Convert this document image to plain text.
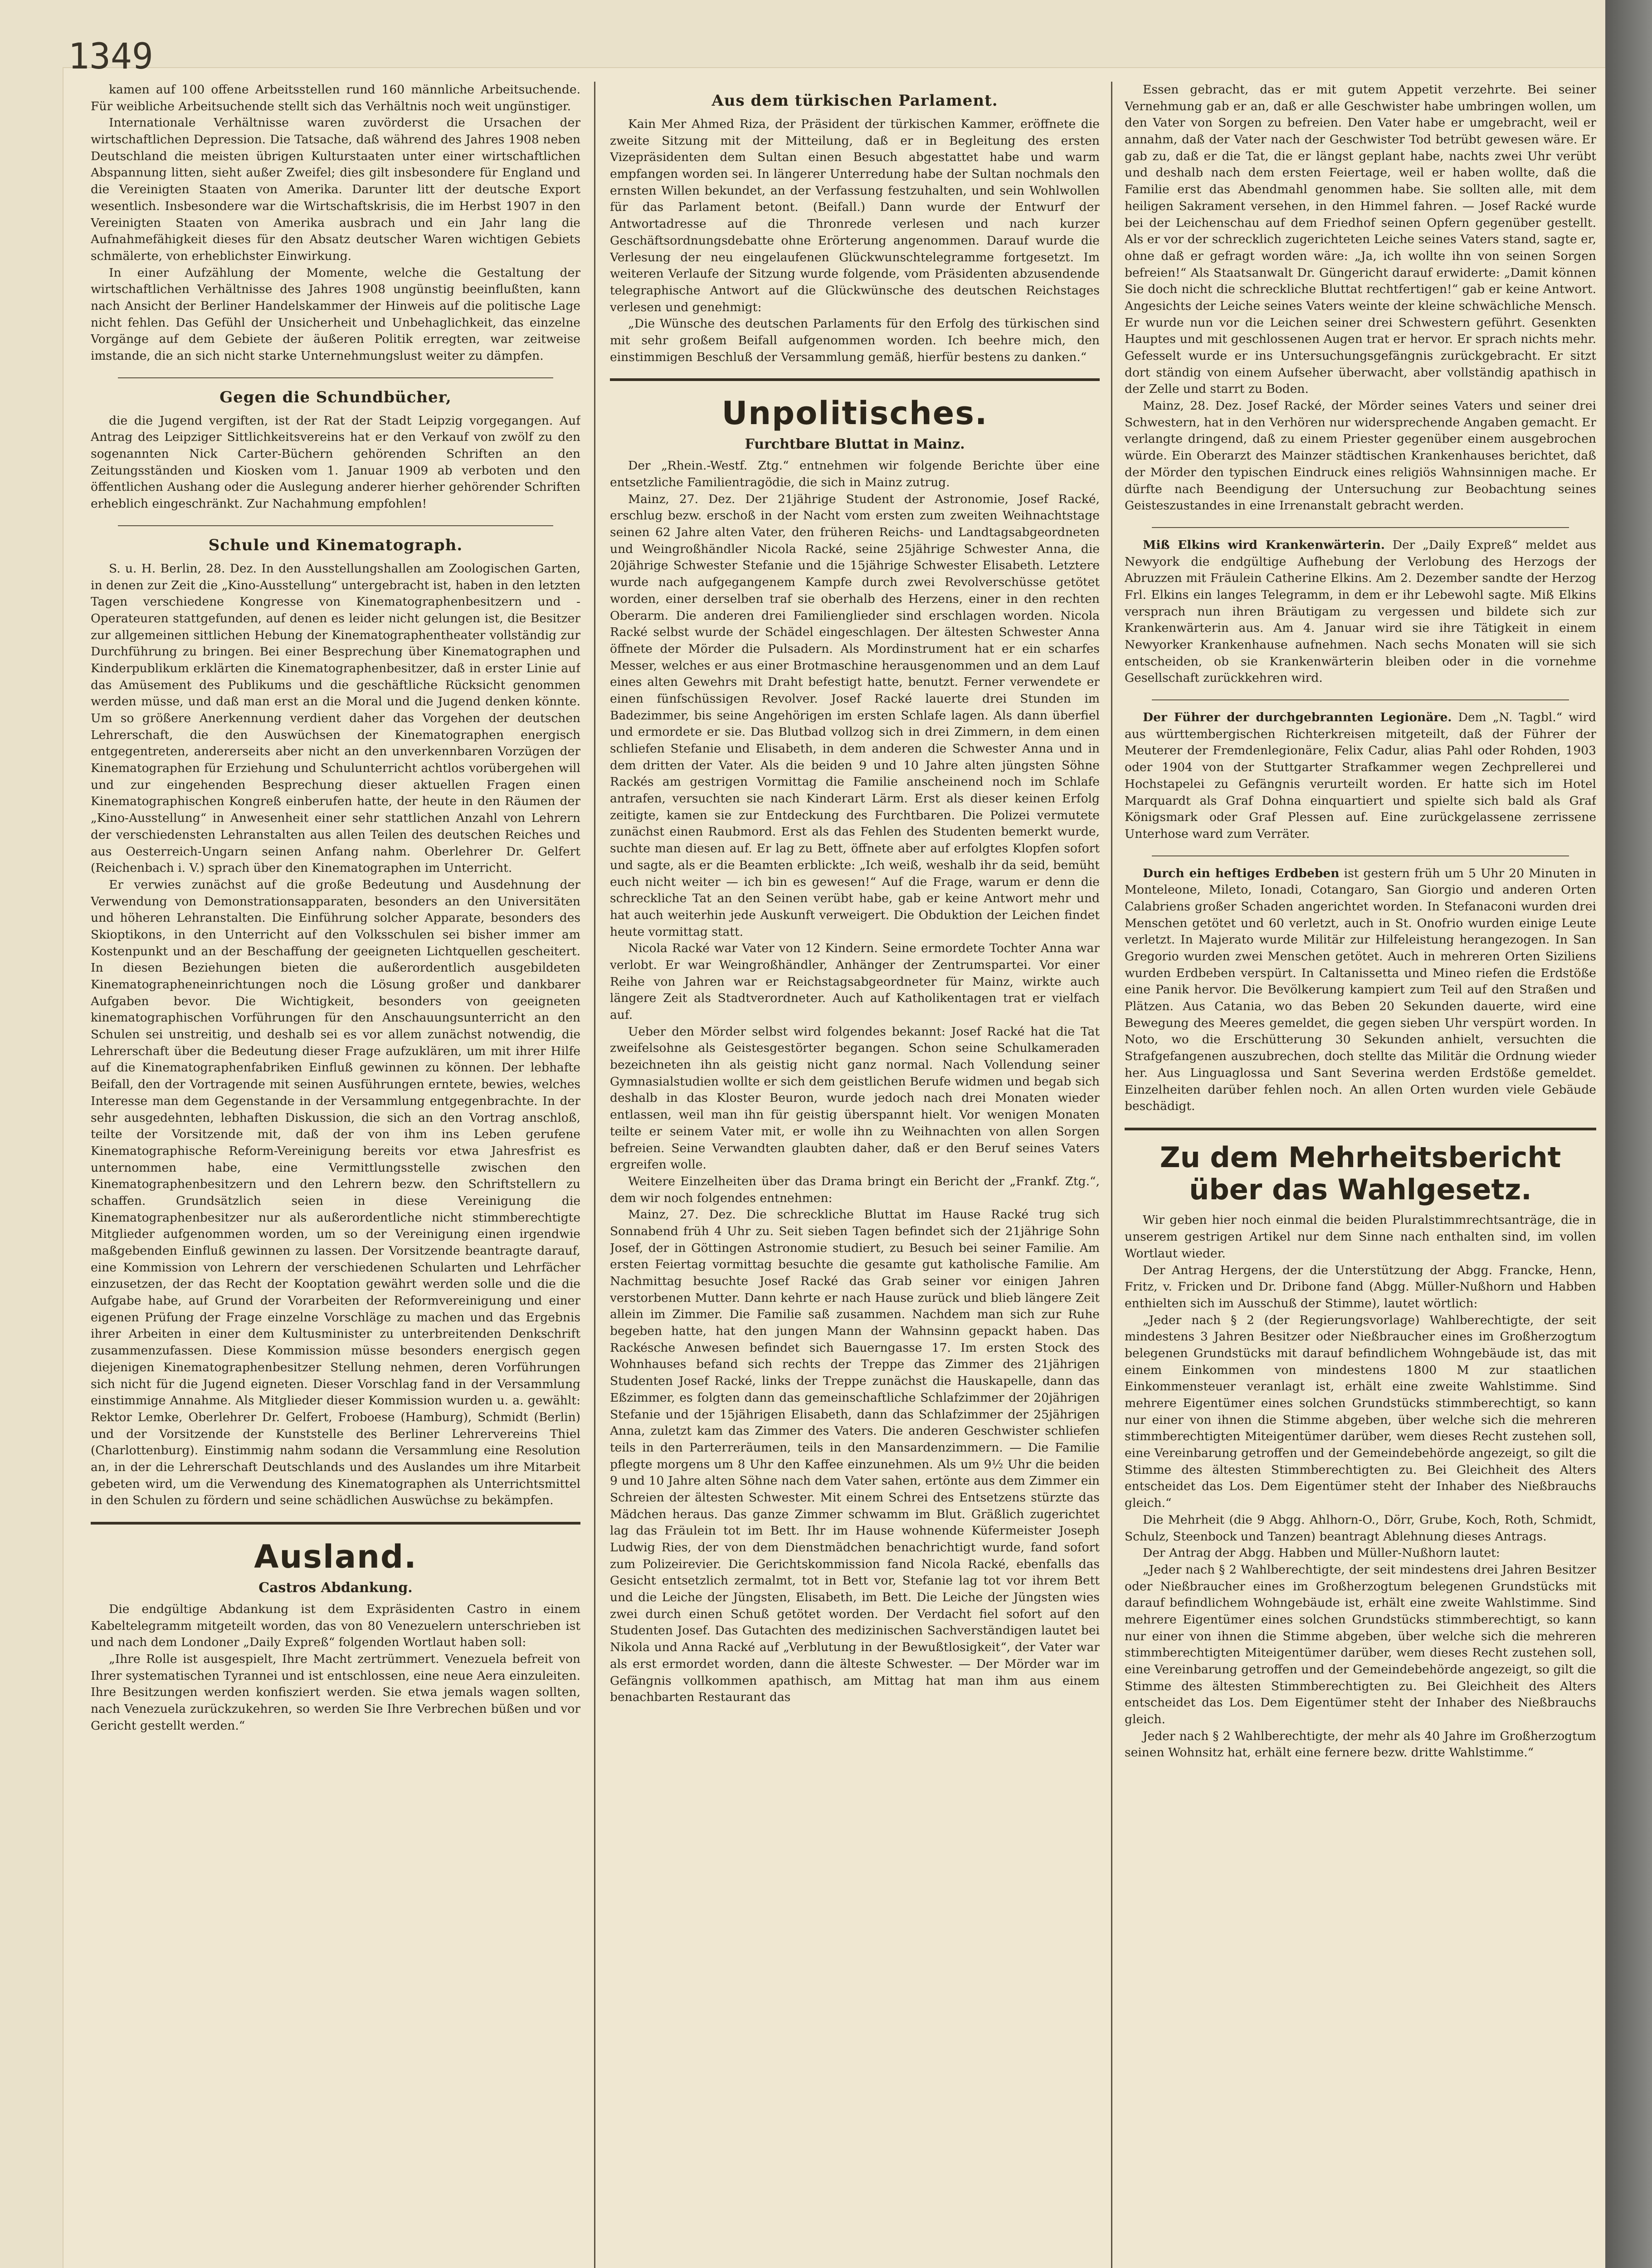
kamen auf 100 offene Arbeitsstellen rund 160 männliche Arbeitsuchende. Für weibliche Arbeitsuchende stellt sich das Verhältnis noch weit ungünstiger.

Internationale Verhältnisse waren zuvörderst die Ursachen der wirtschaftlichen Depression. Die Tatsache, daß während des Jahres 1908 neben Deutschland die meisten übrigen Kulturstaaten unter einer wirtschaftlichen Abspannung litten, sieht außer Zweifel; dies gilt insbesondere für England und die Vereinigten Staaten von Amerika. Darunter litt der deutsche Export wesentlich. Insbesondere war die Wirtschaftskrisis, die im Herbst 1907 in den Vereinigten Staaten von Amerika ausbrach und ein Jahr lang die Aufnahmefähigkeit dieses für den Absatz deutscher Waren wichtigen Gebiets schmälerte, von erheblichster Einwirkung.

In einer Aufzählung der Momente, welche die Gestaltung der wirtschaftlichen Verhältnisse des Jahres 1908 ungünstig beeinflußten, kann nach Ansicht der Berliner Handelskammer der Hinweis auf die politische Lage nicht fehlen. Das Gefühl der Unsicherheit und Unbehaglichkeit, das einzelne Vorgänge auf dem Gebiete der äußeren Politik erregten, war zeitweise imstande, die an sich nicht starke Unternehmungslust weiter zu dämpfen.

Gegen die Schundbücher,

die die Jugend vergiften, ist der Rat der Stadt Leipzig vorgegangen. Auf Antrag des Leipziger Sittlichkeitsvereins hat er den Verkauf von zwölf zu den sogenannten Nick Carter-Büchern gehörenden Schriften an den Zeitungsständen und Kiosken vom 1. Januar 1909 ab verboten und den öffentlichen Aushang oder die Auslegung anderer hierher gehörender Schriften erheblich eingeschränkt. Zur Nachahmung empfohlen!

Schule und Kinematograph.

S. u. H. Berlin, 28. Dez. In den Ausstellungshallen am Zoologischen Garten, in denen zur Zeit die „Kino-Ausstellung“ untergebracht ist, haben in den letzten Tagen verschiedene Kongresse von Kinematographenbesitzern und -Operateuren stattgefunden, auf denen es leider nicht gelungen ist, die Besitzer zur allgemeinen sittlichen Hebung der Kinematographentheater vollständig zur Durchführung zu bringen. Bei einer Besprechung über Kinematographen und Kinderpublikum erklärten die Kinematographenbesitzer, daß in erster Linie auf das Amüsement des Publikums und die geschäftliche Rücksicht genommen werden müsse, und daß man erst an die Moral und die Jugend denken könnte. Um so größere Anerkennung verdient daher das Vorgehen der deutschen Lehrerschaft, die den Auswüchsen der Kinematographen energisch entgegentreten, andererseits aber nicht an den unverkennbaren Vorzügen der Kinematographen für Erziehung und Schulunterricht achtlos vorübergehen will und zur eingehenden Besprechung dieser aktuellen Fragen einen Kinematographischen Kongreß einberufen hatte, der heute in den Räumen der „Kino-Ausstellung“ in Anwesenheit einer sehr stattlichen Anzahl von Lehrern der verschiedensten Lehranstalten aus allen Teilen des deutschen Reiches und aus Oesterreich-Ungarn seinen Anfang nahm. Oberlehrer Dr. Gelfert (Reichenbach i. V.) sprach über den Kinematographen im Unterricht.

Er verwies zunächst auf die große Bedeutung und Ausdehnung der Verwendung von Demonstrationsapparaten, besonders an den Universitäten und höheren Lehranstalten. Die Einführung solcher Apparate, besonders des Skioptikons, in den Unterricht auf den Volksschulen sei bisher immer am Kostenpunkt und an der Beschaffung der geeigneten Lichtquellen gescheitert. In diesen Beziehungen bieten die außerordentlich ausgebildeten Kinematographeneinrichtungen noch die Lösung großer und dankbarer Aufgaben bevor. Die Wichtigkeit, besonders von geeigneten kinematographischen Vorführungen für den Anschauungsunterricht an den Schulen sei unstreitig, und deshalb sei es vor allem zunächst notwendig, die Lehrerschaft über die Bedeutung dieser Frage aufzuklären, um mit ihrer Hilfe auf die Kinematographenfabriken Einfluß gewinnen zu können. Der lebhafte Beifall, den der Vortragende mit seinen Ausführungen erntete, bewies, welches Interesse man dem Gegenstande in der Versammlung entgegenbrachte. In der sehr ausgedehnten, lebhaften Diskussion, die sich an den Vortrag anschloß, teilte der Vorsitzende mit, daß der von ihm ins Leben gerufene Kinematographische Reform-Vereinigung bereits vor etwa Jahresfrist es unternommen habe, eine Vermittlungsstelle zwischen den Kinematographenbesitzern und den Lehrern bezw. den Schriftstellern zu schaffen. Grundsätzlich seien in diese Vereinigung die Kinematographenbesitzer nur als außerordentliche nicht stimmberechtigte Mitglieder aufgenommen worden, um so der Vereinigung einen irgendwie maßgebenden Einfluß gewinnen zu lassen. Der Vorsitzende beantragte darauf, eine Kommission von Lehrern der verschiedenen Schularten und Lehrfächer einzusetzen, der das Recht der Kooptation gewährt werden solle und die die Aufgabe habe, auf Grund der Vorarbeiten der Reformvereinigung und einer eigenen Prüfung der Frage einzelne Vorschläge zu machen und das Ergebnis ihrer Arbeiten in einer dem Kultusminister zu unterbreitenden Denkschrift zusammenzufassen. Diese Kommission müsse besonders energisch gegen diejenigen Kinematographenbesitzer Stellung nehmen, deren Vorführungen sich nicht für die Jugend eigneten. Dieser Vorschlag fand in der Versammlung einstimmige Annahme. Als Mitglieder dieser Kommission wurden u. a. gewählt: Rektor Lemke, Oberlehrer Dr. Gelfert, Froboese (Hamburg), Schmidt (Berlin) und der Vorsitzende der Kunststelle des Berliner Lehrervereins Thiel (Charlottenburg). Einstimmig nahm sodann die Versammlung eine Resolution an, in der die Lehrerschaft Deutschlands und des Auslandes um ihre Mitarbeit gebeten wird, um die Verwendung des Kinematographen als Unterrichtsmittel in den Schulen zu fördern und seine schädlichen Auswüchse zu bekämpfen.

Ausland.
Castros Abdankung.

Die endgültige Abdankung ist dem Expräsidenten Castro in einem Kabeltelegramm mitgeteilt worden, das von 80 Venezuelern unterschrieben ist und nach dem Londoner „Daily Expreß“ folgenden Wortlaut haben soll:

„Ihre Rolle ist ausgespielt, Ihre Macht zertrümmert. Venezuela befreit von Ihrer systematischen Tyrannei und ist entschlossen, eine neue Aera einzuleiten. Ihre Besitzungen werden konfisziert werden. Sie etwa jemals wagen sollten, nach Venezuela zurückzukehren, so werden Sie Ihre Verbrechen büßen und vor Gericht gestellt werden.“

Aus dem türkischen Parlament.

Kain Mer Ahmed Riza, der Präsident der türkischen Kammer, eröffnete die zweite Sitzung mit der Mitteilung, daß er in Begleitung des ersten Vizepräsidenten dem Sultan einen Besuch abgestattet habe und warm empfangen worden sei. In längerer Unterredung habe der Sultan nochmals den ernsten Willen bekundet, an der Verfassung festzuhalten, und sein Wohlwollen für das Parlament betont. (Beifall.) Dann wurde der Entwurf der Antwortadresse auf die Thronrede verlesen und nach kurzer Geschäftsordnungsdebatte ohne Erörterung angenommen. Darauf wurde die Verlesung der neu eingelaufenen Glückwunschtelegramme fortgesetzt. Im weiteren Verlaufe der Sitzung wurde folgende, vom Präsidenten abzusendende telegraphische Antwort auf die Glückwünsche des deutschen Reichstages verlesen und genehmigt:

„Die Wünsche des deutschen Parlaments für den Erfolg des türkischen sind mit sehr großem Beifall aufgenommen worden. Ich beehre mich, den einstimmigen Beschluß der Versammlung gemäß, hierfür bestens zu danken.“

Unpolitisches.
Furchtbare Bluttat in Mainz.

Der „Rhein.-Westf. Ztg.“ entnehmen wir folgende Berichte über eine entsetzliche Familientragödie, die sich in Mainz zutrug.

Mainz, 27. Dez. Der 21jährige Student der Astronomie, Josef Racké, erschlug bezw. erschoß in der Nacht vom ersten zum zweiten Weihnachtstage seinen 62 Jahre alten Vater, den früheren Reichs- und Landtagsabgeordneten und Weingroßhändler Nicola Racké, seine 25jährige Schwester Anna, die 20jährige Schwester Stefanie und die 15jährige Schwester Elisabeth. Letztere wurde nach aufgegangenem Kampfe durch zwei Revolverschüsse getötet worden, einer derselben traf sie oberhalb des Herzens, einer in den rechten Oberarm. Die anderen drei Familienglieder sind erschlagen worden. Nicola Racké selbst wurde der Schädel eingeschlagen. Der ältesten Schwester Anna öffnete der Mörder die Pulsadern. Als Mordinstrument hat er ein scharfes Messer, welches er aus einer Brotmaschine herausgenommen und an dem Lauf eines alten Gewehrs mit Draht befestigt hatte, benutzt. Ferner verwendete er einen fünfschüssigen Revolver. Josef Racké lauerte drei Stunden im Badezimmer, bis seine Angehörigen im ersten Schlafe lagen. Als dann überfiel und ermordete er sie. Das Blutbad vollzog sich in drei Zimmern, in dem einen schliefen Stefanie und Elisabeth, in dem anderen die Schwester Anna und in dem dritten der Vater. Als die beiden 9 und 10 Jahre alten jüngsten Söhne Rackés am gestrigen Vormittag die Familie anscheinend noch im Schlafe antrafen, versuchten sie nach Kinderart Lärm. Erst als dieser keinen Erfolg zeitigte, kamen sie zur Entdeckung des Furchtbaren. Die Polizei vermutete zunächst einen Raubmord. Erst als das Fehlen des Studenten bemerkt wurde, suchte man diesen auf. Er lag zu Bett, öffnete aber auf erfolgtes Klopfen sofort und sagte, als er die Beamten erblickte: „Ich weiß, weshalb ihr da seid, bemüht euch nicht weiter — ich bin es gewesen!“ Auf die Frage, warum er denn die schreckliche Tat an den Seinen verübt habe, gab er keine Antwort mehr und hat auch weiterhin jede Auskunft verweigert. Die Obduktion der Leichen findet heute vormittag statt.

Nicola Racké war Vater von 12 Kindern. Seine ermordete Tochter Anna war verlobt. Er war Weingroßhändler, Anhänger der Zentrumspartei. Vor einer Reihe von Jahren war er Reichstagsabgeordneter für Mainz, wirkte auch längere Zeit als Stadtverordneter. Auch auf Katholikentagen trat er vielfach auf.

Ueber den Mörder selbst wird folgendes bekannt: Josef Racké hat die Tat zweifelsohne als Geistesgestörter begangen. Schon seine Schulkameraden bezeichneten ihn als geistig nicht ganz normal. Nach Vollendung seiner Gymnasialstudien wollte er sich dem geistlichen Berufe widmen und begab sich deshalb in das Kloster Beuron, wurde jedoch nach drei Monaten wieder entlassen, weil man ihn für geistig überspannt hielt. Vor wenigen Monaten teilte er seinem Vater mit, er wolle ihn zu Weihnachten von allen Sorgen befreien. Seine Verwandten glaubten daher, daß er den Beruf seines Vaters ergreifen wolle.

Weitere Einzelheiten über das Drama bringt ein Bericht der „Frankf. Ztg.“, dem wir noch folgendes entnehmen:

Mainz, 27. Dez. Die schreckliche Bluttat im Hause Racké trug sich Sonnabend früh 4 Uhr zu. Seit sieben Tagen befindet sich der 21jährige Sohn Josef, der in Göttingen Astronomie studiert, zu Besuch bei seiner Familie. Am ersten Feiertag vormittag besuchte die gesamte gut katholische Familie. Am Nachmittag besuchte Josef Racké das Grab seiner vor einigen Jahren verstorbenen Mutter. Dann kehrte er nach Hause zurück und blieb längere Zeit allein im Zimmer. Die Familie saß zusammen. Nachdem man sich zur Ruhe begeben hatte, hat den jungen Mann der Wahnsinn gepackt haben. Das Rackésche Anwesen befindet sich Bauerngasse 17. Im ersten Stock des Wohnhauses befand sich rechts der Treppe das Zimmer des 21jährigen Studenten Josef Racké, links der Treppe zunächst die Hauskapelle, dann das Eßzimmer, es folgten dann das gemeinschaftliche Schlafzimmer der 20jährigen Stefanie und der 15jährigen Elisabeth, dann das Schlafzimmer der 25jährigen Anna, zuletzt kam das Zimmer des Vaters. Die anderen Geschwister schliefen teils in den Parterreräumen, teils in den Mansardenzimmern. — Die Familie pflegte morgens um 8 Uhr den Kaffee einzunehmen. Als um 9½ Uhr die beiden 9 und 10 Jahre alten Söhne nach dem Vater sahen, ertönte aus dem Zimmer ein Schreien der ältesten Schwester. Mit einem Schrei des Entsetzens stürzte das Mädchen heraus. Das ganze Zimmer schwamm im Blut. Gräßlich zugerichtet lag das Fräulein tot im Bett. Ihr im Hause wohnende Küfermeister Joseph Ludwig Ries, der von dem Dienstmädchen benachrichtigt wurde, fand sofort zum Polizeirevier. Die Gerichtskommission fand Nicola Racké, ebenfalls das Gesicht entsetzlich zermalmt, tot in Bett vor, Stefanie lag tot vor ihrem Bett und die Leiche der Jüngsten, Elisabeth, im Bett. Die Leiche der Jüngsten wies zwei durch einen Schuß getötet worden. Der Verdacht fiel sofort auf den Studenten Josef. Das Gutachten des medizinischen Sachverständigen lautet bei Nikola und Anna Racké auf „Verblutung in der Bewußtlosigkeit“, der Vater war als erst ermordet worden, dann die älteste Schwester. — Der Mörder war im Gefängnis vollkommen apathisch, am Mittag hat man ihm aus einem benachbarten Restaurant das

Essen gebracht, das er mit gutem Appetit verzehrte. Bei seiner Vernehmung gab er an, daß er alle Geschwister habe umbringen wollen, um den Vater von Sorgen zu befreien. Den Vater habe er umgebracht, weil er annahm, daß der Vater nach der Geschwister Tod betrübt gewesen wäre. Er gab zu, daß er die Tat, die er längst geplant habe, nachts zwei Uhr verübt und deshalb nach dem ersten Feiertage, weil er haben wollte, daß die Familie erst das Abendmahl genommen habe. Sie sollten alle, mit dem heiligen Sakrament versehen, in den Himmel fahren. — Josef Racké wurde bei der Leichenschau auf dem Friedhof seinen Opfern gegenüber gestellt. Als er vor der schrecklich zugerichteten Leiche seines Vaters stand, sagte er, ohne daß er gefragt worden wäre: „Ja, ich wollte ihn von seinen Sorgen befreien!“ Als Staatsanwalt Dr. Güngericht darauf erwiderte: „Damit können Sie doch nicht die schreckliche Bluttat rechtfertigen!“ gab er keine Antwort. Angesichts der Leiche seines Vaters weinte der kleine schwächliche Mensch. Er wurde nun vor die Leichen seiner drei Schwestern geführt. Gesenkten Hauptes und mit geschlossenen Augen trat er hervor. Er sprach nichts mehr. Gefesselt wurde er ins Untersuchungsgefängnis zurückgebracht. Er sitzt dort ständig von einem Aufseher überwacht, aber vollständig apathisch in der Zelle und starrt zu Boden.

Mainz, 28. Dez. Josef Racké, der Mörder seines Vaters und seiner drei Schwestern, hat in den Verhören nur widersprechende Angaben gemacht. Er verlangte dringend, daß zu einem Priester gegenüber einem ausgebrochen würde. Ein Oberarzt des Mainzer städtischen Krankenhauses berichtet, daß der Mörder den typischen Eindruck eines religiös Wahnsinnigen mache. Er dürfte nach Beendigung der Untersuchung zur Beobachtung seines Geisteszustandes in eine Irrenanstalt gebracht werden.

Miß Elkins wird Krankenwärterin. Der „Daily Expreß“ meldet aus Newyork die endgültige Aufhebung der Verlobung des Herzogs der Abruzzen mit Fräulein Catherine Elkins. Am 2. Dezember sandte der Herzog Frl. Elkins ein langes Telegramm, in dem er ihr Lebewohl sagte. Miß Elkins versprach nun ihren Bräutigam zu vergessen und bildete sich zur Krankenwärterin aus. Am 4. Januar wird sie ihre Tätigkeit in einem Newyorker Krankenhause aufnehmen. Nach sechs Monaten will sie sich entscheiden, ob sie Krankenwärterin bleiben oder in die vornehme Gesellschaft zurückkehren wird.

Der Führer der durchgebrannten Legionäre. Dem „N. Tagbl.“ wird aus württembergischen Richterkreisen mitgeteilt, daß der Führer der Meuterer der Fremdenlegionäre, Felix Cadur, alias Pahl oder Rohden, 1903 oder 1904 von der Stuttgarter Strafkammer wegen Zechprellerei und Hochstapelei zu Gefängnis verurteilt worden. Er hatte sich im Hotel Marquardt als Graf Dohna einquartiert und spielte sich bald als Graf Königsmark oder Graf Plessen auf. Eine zurückgelassene zerrissene Unterhose ward zum Verräter.

Durch ein heftiges Erdbeben ist gestern früh um 5 Uhr 20 Minuten in Monteleone, Mileto, Ionadi, Cotangaro, San Giorgio und anderen Orten Calabriens großer Schaden angerichtet worden. In Stefanaconi wurden drei Menschen getötet und 60 verletzt, auch in St. Onofrio wurden einige Leute verletzt. In Majerato wurde Militär zur Hilfeleistung herangezogen. In San Gregorio wurden zwei Menschen getötet. Auch in mehreren Orten Siziliens wurden Erdbeben verspürt. In Caltanissetta und Mineo riefen die Erdstöße eine Panik hervor. Die Bevölkerung kampiert zum Teil auf den Straßen und Plätzen. Aus Catania, wo das Beben 20 Sekunden dauerte, wird eine Bewegung des Meeres gemeldet, die gegen sieben Uhr verspürt worden. In Noto, wo die Erschütterung 30 Sekunden anhielt, versuchten die Strafgefangenen auszubrechen, doch stellte das Militär die Ordnung wieder her. Aus Linguaglossa und Sant Severina werden Erdstöße gemeldet. Einzelheiten darüber fehlen noch. An allen Orten wurden viele Gebäude beschädigt.

Zu dem Mehrheitsbericht über das Wahlgesetz.

Wir geben hier noch einmal die beiden Pluralstimmrechtsanträge, die in unserem gestrigen Artikel nur dem Sinne nach enthalten sind, im vollen Wortlaut wieder.

Der Antrag Hergens, der die Unterstützung der Abgg. Francke, Henn, Fritz, v. Fricken und Dr. Dribone fand (Abgg. Müller-Nußhorn und Habben enthielten sich im Ausschuß der Stimme), lautet wörtlich:

„Jeder nach § 2 (der Regierungsvorlage) Wahlberechtigte, der seit mindestens 3 Jahren Besitzer oder Nießbraucher eines im Großherzogtum belegenen Grundstücks mit darauf befindlichem Wohngebäude ist, das mit einem Einkommen von mindestens 1800 M zur staatlichen Einkommensteuer veranlagt ist, erhält eine zweite Wahlstimme. Sind mehrere Eigentümer eines solchen Grundstücks stimmberechtigt, so kann nur einer von ihnen die Stimme abgeben, über welche sich die mehreren stimmberechtigten Miteigentümer darüber, wem dieses Recht zustehen soll, eine Vereinbarung getroffen und der Gemeindebehörde angezeigt, so gilt die Stimme des ältesten Stimmberechtigten zu. Bei Gleichheit des Alters entscheidet das Los. Dem Eigentümer steht der Inhaber des Nießbrauchs gleich.“

Die Mehrheit (die 9 Abgg. Ahlhorn-O., Dörr, Grube, Koch, Roth, Schmidt, Schulz, Steenbock und Tanzen) beantragt Ablehnung dieses Antrags.

Der Antrag der Abgg. Habben und Müller-Nußhorn lautet:

„Jeder nach § 2 Wahlberechtigte, der seit mindestens drei Jahren Besitzer oder Nießbraucher eines im Großherzogtum belegenen Grundstücks mit darauf befindlichem Wohngebäude ist, erhält eine zweite Wahlstimme. Sind mehrere Eigentümer eines solchen Grundstücks stimmberechtigt, so kann nur einer von ihnen die Stimme abgeben, über welche sich die mehreren stimmberechtigten Miteigentümer darüber, wem dieses Recht zustehen soll, eine Vereinbarung getroffen und der Gemeindebehörde angezeigt, so gilt die Stimme des ältesten Stimmberechtigten zu. Bei Gleichheit des Alters entscheidet das Los. Dem Eigentümer steht der Inhaber des Nießbrauchs gleich.

Jeder nach § 2 Wahlberechtigte, der mehr als 40 Jahre im Großherzogtum seinen Wohnsitz hat, erhält eine fernere bezw. dritte Wahlstimme.“

1349
